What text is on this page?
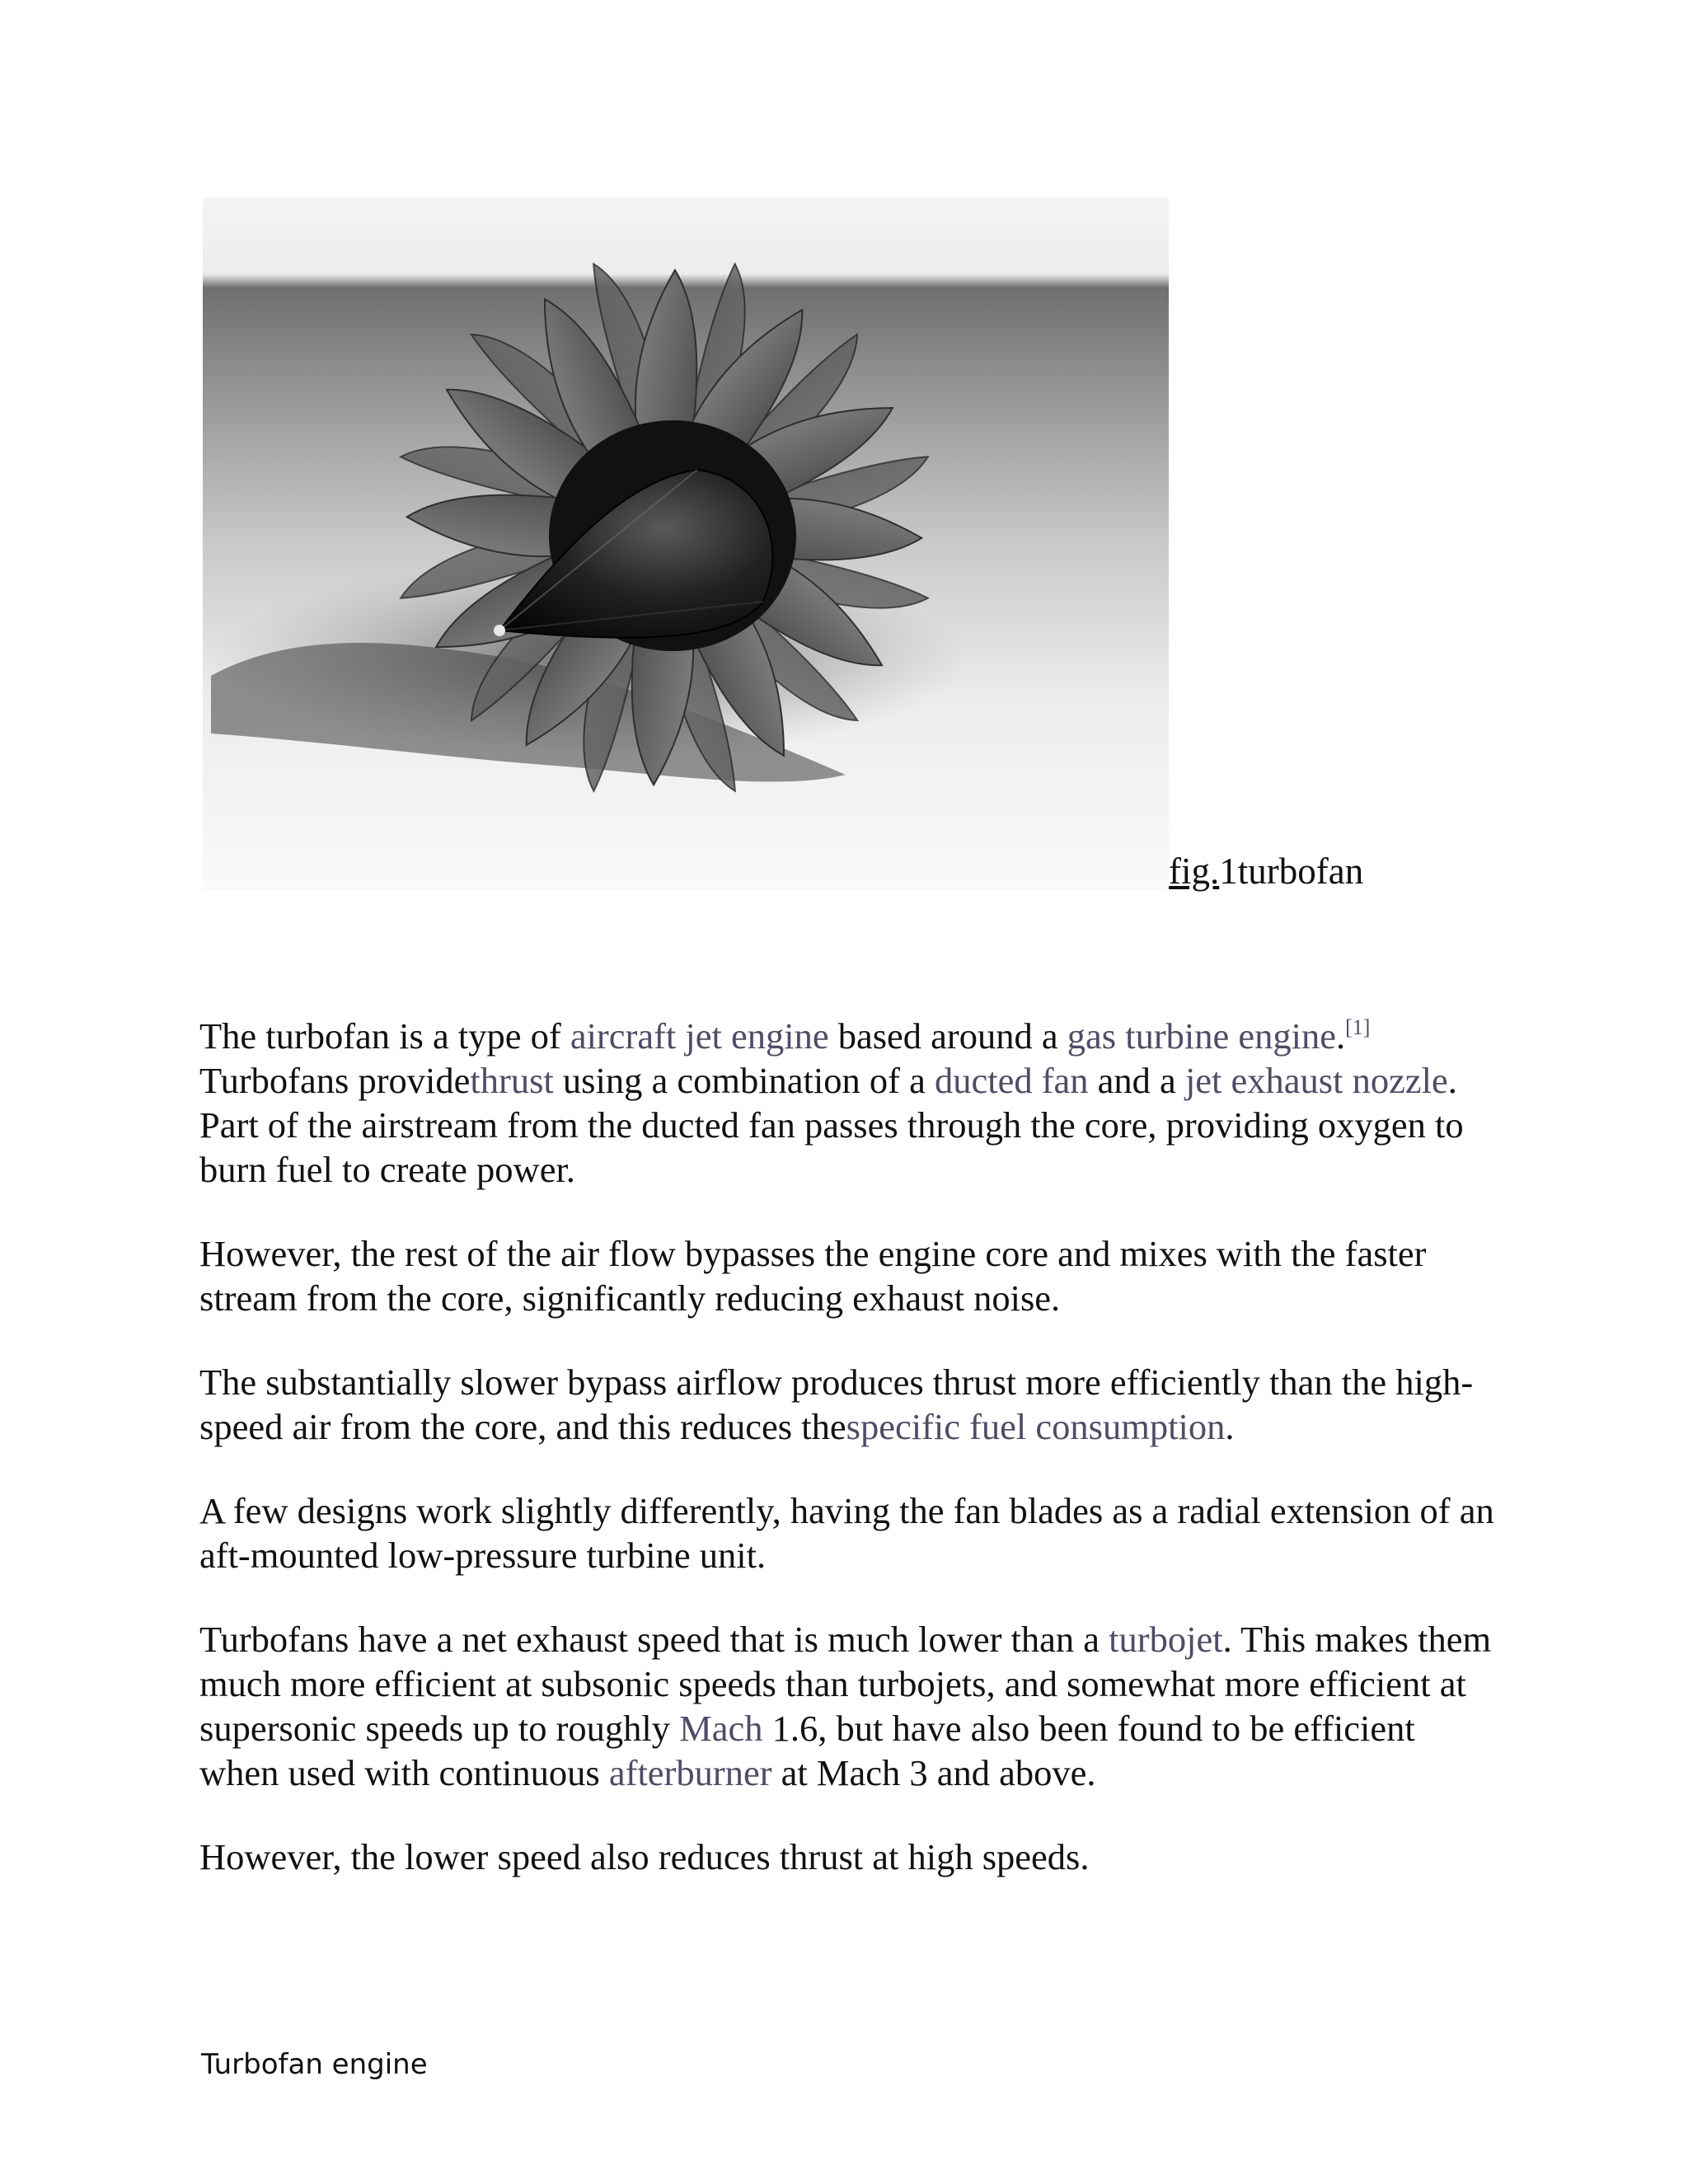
fig.1turbofan

The turbofan is a type of aircraft jet engine based around a gas turbine engine.[1] Turbofans providethrust using a combination of a ducted fan and a jet exhaust nozzle. Part of the airstream from the ducted fan passes through the core, providing oxygen to burn fuel to create power.

However, the rest of the air flow bypasses the engine core and mixes with the faster stream from the core, significantly reducing exhaust noise.

The substantially slower bypass airflow produces thrust more efficiently than the high-speed air from the core, and this reduces thespecific fuel consumption.

A few designs work slightly differently, having the fan blades as a radial extension of an aft-mounted low-pressure turbine unit.

Turbofans have a net exhaust speed that is much lower than a turbojet. This makes them much more efficient at subsonic speeds than turbojets, and somewhat more efficient at supersonic speeds up to roughly Mach 1.6, but have also been found to be efficient when used with continuous afterburner at Mach 3 and above.

However, the lower speed also reduces thrust at high speeds.

Turbofan engine
